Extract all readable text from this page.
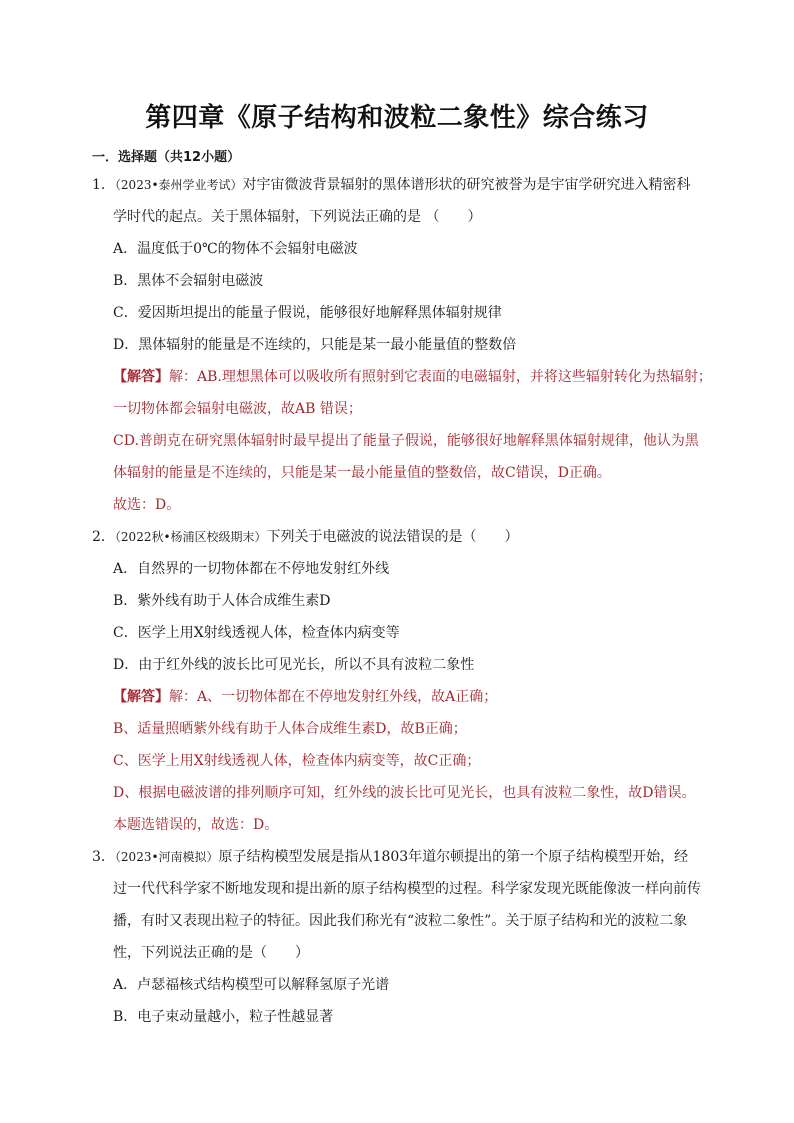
第四章《原子结构和波粒二象性》综合练习
一．选择题（共12小题）
1．（2023•泰州学业考试）对宇宙微波背景辐射的黑体谱形状的研究被誉为是宇宙学研究进入精密科
学时代的起点。关于黑体辐射，下列说法正确的是 （　　）
A．温度低于0℃的物体不会辐射电磁波
B．黑体不会辐射电磁波
C．爱因斯坦提出的能量子假说，能够很好地解释黑体辐射规律
D．黑体辐射的能量是不连续的，只能是某一最小能量值的整数倍
【解答】解：AB.理想黑体可以吸收所有照射到它表面的电磁辐射，并将这些辐射转化为热辐射；
一切物体都会辐射电磁波，故AB 错误；
CD.普朗克在研究黑体辐射时最早提出了能量子假说，能够很好地解释黑体辐射规律，他认为黑
体辐射的能量是不连续的，只能是某一最小能量值的整数倍，故C错误，D正确。
故选：D。
2．（2022秋•杨浦区校级期末）下列关于电磁波的说法错误的是（　　）
A．自然界的一切物体都在不停地发射红外线
B．紫外线有助于人体合成维生素D
C．医学上用X射线透视人体，检查体内病变等
D．由于红外线的波长比可见光长，所以不具有波粒二象性
【解答】解：A、一切物体都在不停地发射红外线，故A正确；
B、适量照晒紫外线有助于人体合成维生素D，故B正确；
C、医学上用X射线透视人体，检查体内病变等，故C正确；
D、根据电磁波谱的排列顺序可知，红外线的波长比可见光长，也具有波粒二象性，故D错误。
本题选错误的，故选：D。
3．（2023•河南模拟）原子结构模型发展是指从1803年道尔顿提出的第一个原子结构模型开始，经
过一代代科学家不断地发现和提出新的原子结构模型的过程。科学家发现光既能像波一样向前传
播，有时又表现出粒子的特征。因此我们称光有“波粒二象性”。关于原子结构和光的波粒二象
性，下列说法正确的是（　　）
A．卢瑟福核式结构模型可以解释氢原子光谱
B．电子束动量越小，粒子性越显著
